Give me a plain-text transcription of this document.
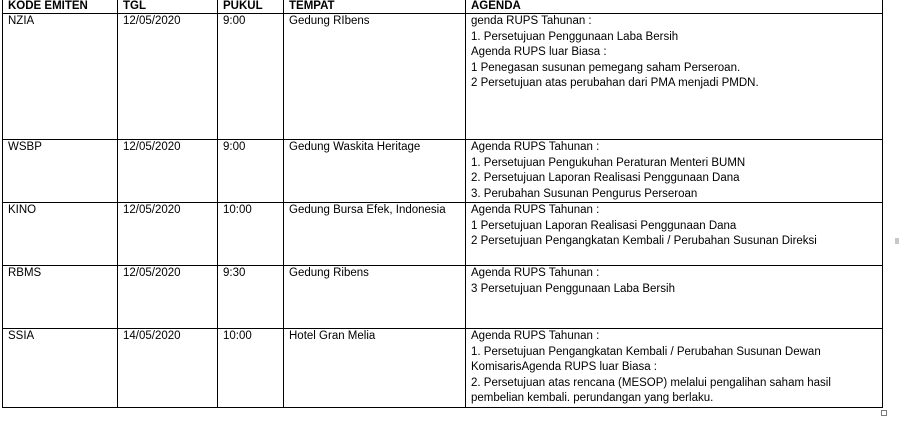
KODE EMITEN	TGL	PUKUL	TEMPAT	AGENDA
NZIA	12/05/2020	9:00	Gedung RIbens	genda RUPS Tahunan :
1. Persetujuan Penggunaan Laba Bersih
Agenda RUPS luar Biasa :
1 Penegasan susunan pemegang saham Perseroan.
2 Persetujuan atas perubahan dari PMA menjadi PMDN.

WSBP	12/05/2020	9:00	Gedung Waskita Heritage	Agenda RUPS Tahunan :
1. Persetujuan Pengukuhan Peraturan Menteri BUMN
2. Persetujuan Laporan Realisasi Penggunaan Dana
3. Perubahan Susunan Pengurus Perseroan

KINO	12/05/2020	10:00	Gedung Bursa Efek, Indonesia	Agenda RUPS Tahunan :
1 Persetujuan Laporan Realisasi Penggunaan Dana
2 Persetujuan Pengangkatan Kembali / Perubahan Susunan Direksi

RBMS	12/05/2020	9:30	Gedung Ribens	Agenda RUPS Tahunan :
3 Persetujuan Penggunaan Laba Bersih

SSIA	14/05/2020	10:00	Hotel Gran Melia	Agenda RUPS Tahunan :
1. Persetujuan Pengangkatan Kembali / Perubahan Susunan Dewan
KomisarisAgenda RUPS luar Biasa :
2. Persetujuan atas rencana (MESOP) melalui pengalihan saham hasil
pembelian kembali. perundangan yang berlaku.
